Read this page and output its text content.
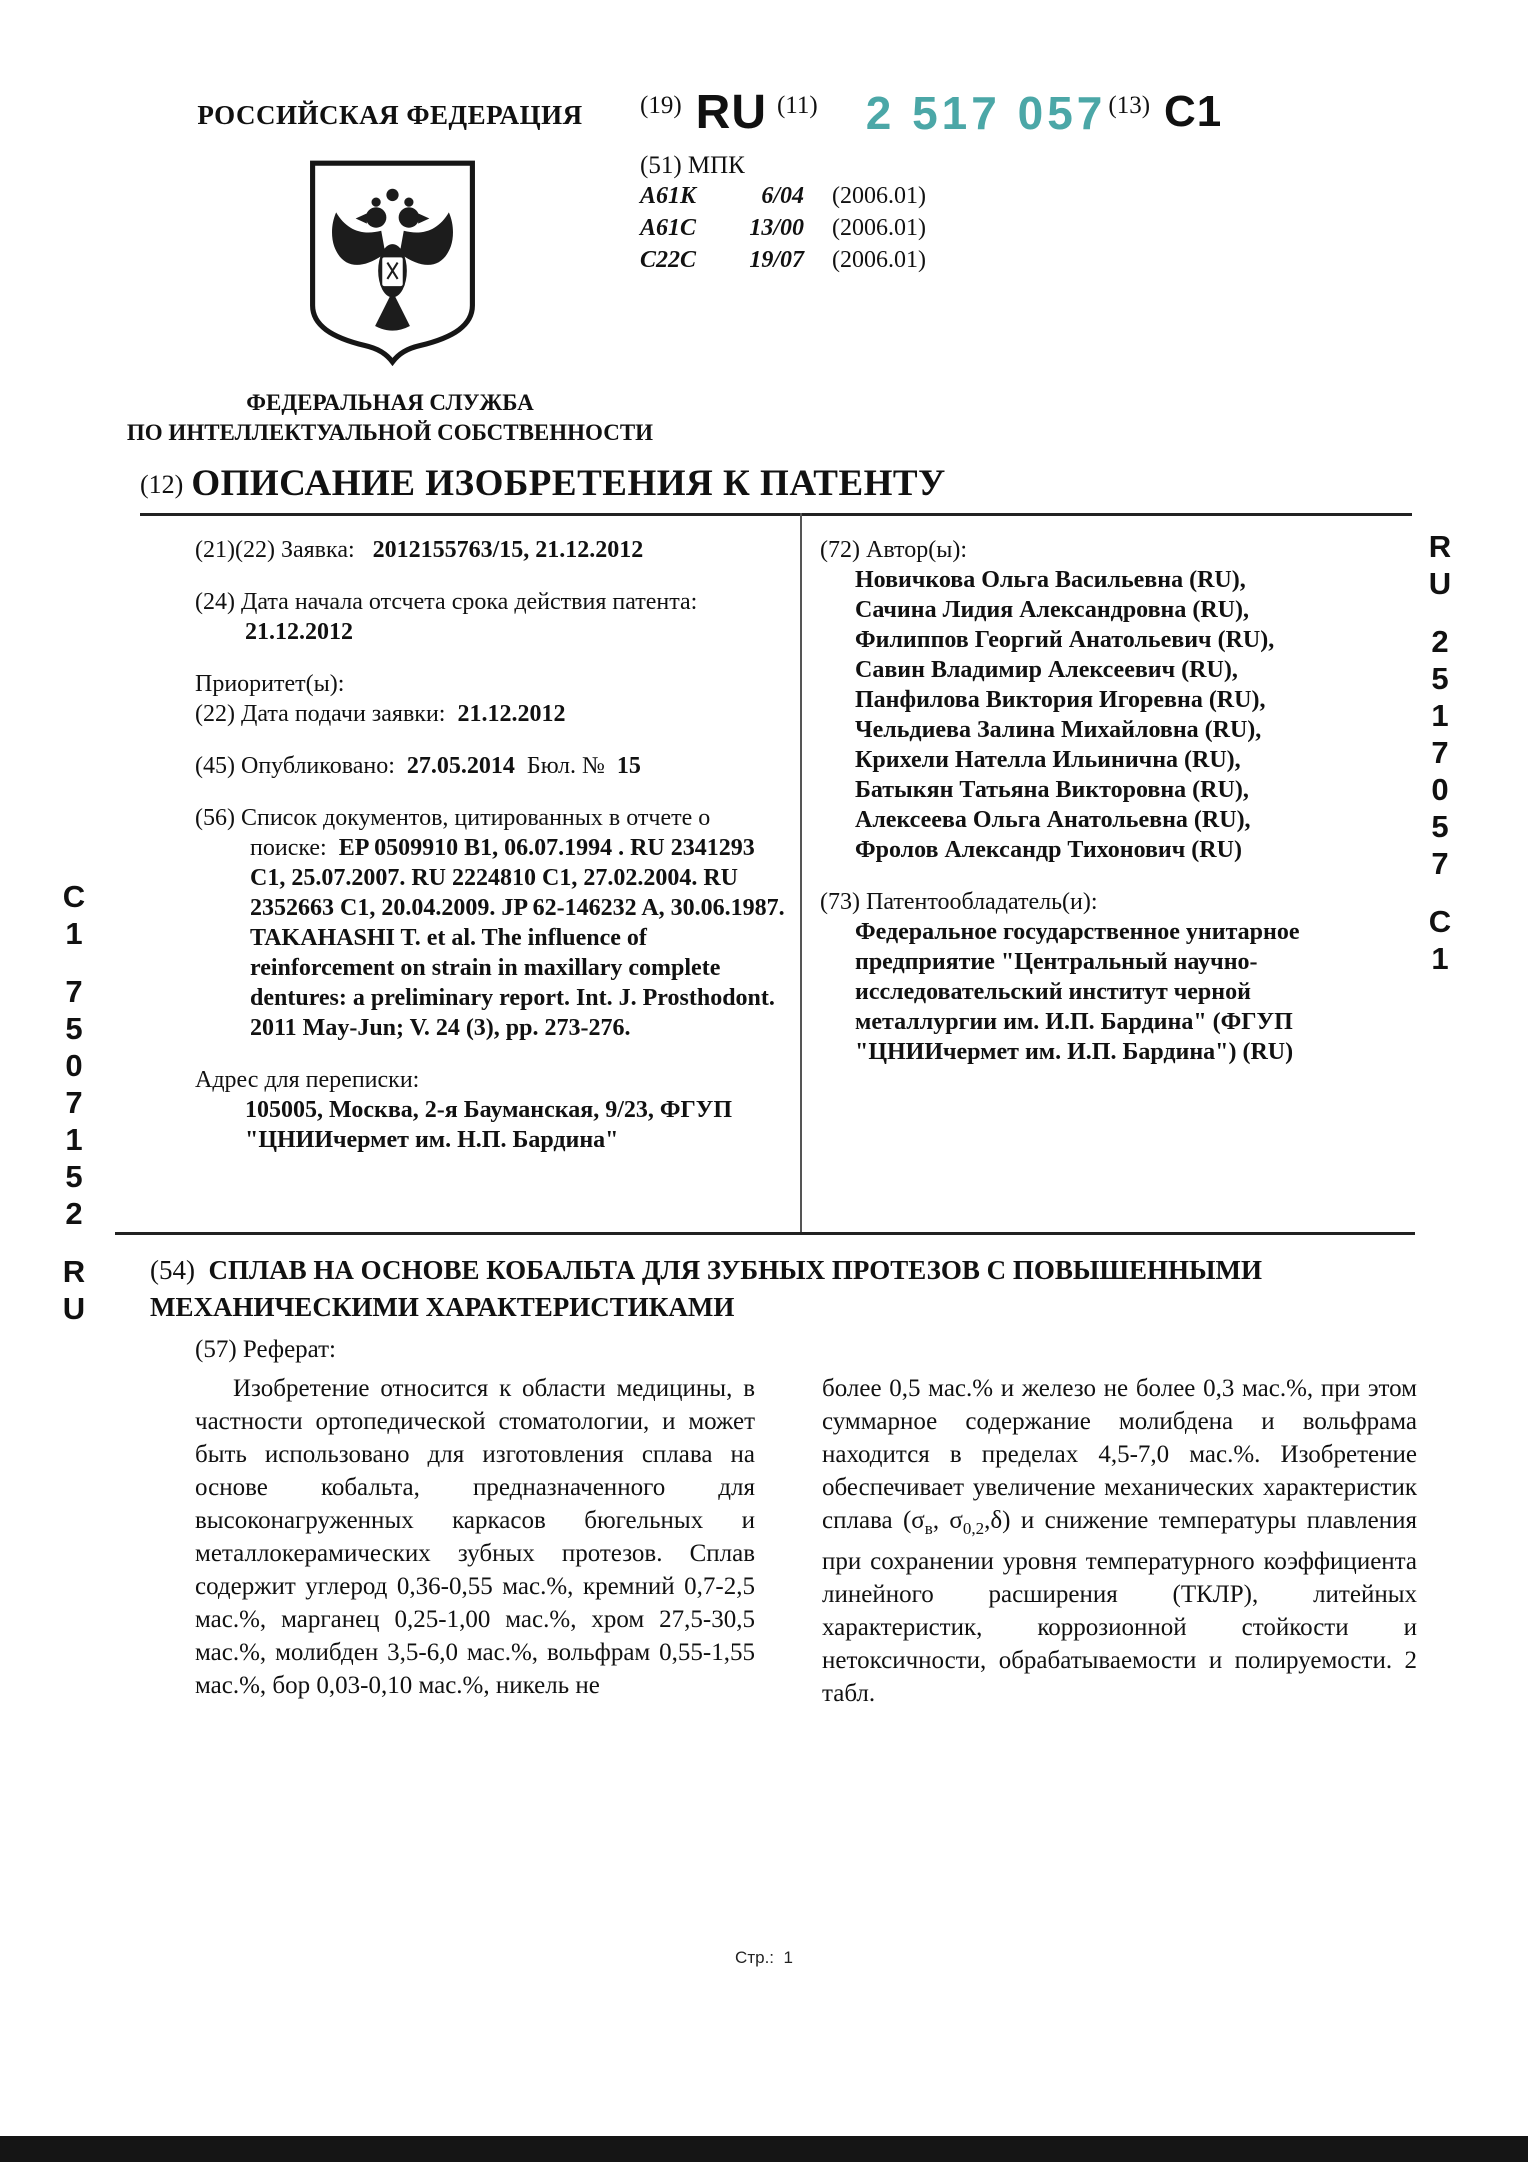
РОССИЙСКАЯ ФЕДЕРАЦИЯ
ФЕДЕРАЛЬНАЯ СЛУЖБА
ПО ИНТЕЛЛЕКТУАЛЬНОЙ СОБСТВЕННОСТИ
(19) RU (11) 2 517 057 (13) C1
(51) МПК
A61K	6/04 (2006.01)
A61C	13/00 (2006.01)
C22C	19/07 (2006.01)
(12) ОПИСАНИЕ ИЗОБРЕТЕНИЯ К ПАТЕНТУ
(21)(22) Заявка: 2012155763/15, 21.12.2012
(24) Дата начала отсчета срока действия патента:
21.12.2012
Приоритет(ы):
(22) Дата подачи заявки: 21.12.2012
(45) Опубликовано: 27.05.2014 Бюл. № 15
(56) Список документов, цитированных в отчете о поиске: EP 0509910 B1, 06.07.1994 . RU 2341293 C1, 25.07.2007. RU 2224810 C1, 27.02.2004. RU 2352663 C1, 20.04.2009. JP 62-146232 A, 30.06.1987. TAKAHASHI T. et al. The influence of reinforcement on strain in maxillary complete dentures: a preliminary report. Int. J. Prosthodont. 2011 May-Jun; V. 24 (3), pp. 273-276.
Адрес для переписки:
105005, Москва, 2-я Бауманская, 9/23, ФГУП "ЦНИИчермет им. Н.П. Бардина"
(72) Автор(ы):
Новичкова Ольга Васильевна (RU),
Сачина Лидия Александровна (RU),
Филиппов Георгий Анатольевич (RU),
Савин Владимир Алексеевич (RU),
Панфилова Виктория Игоревна (RU),
Чельдиева Залина Михайловна (RU),
Крихели Нателла Ильинична (RU),
Батыкян Татьяна Викторовна (RU),
Алексеева Ольга Анатольевна (RU),
Фролов Александр Тихонович (RU)
(73) Патентообладатель(и):
Федеральное государственное унитарное предприятие "Центральный научно-исследовательский институт черной металлургии им. И.П. Бардина" (ФГУП "ЦНИИчермет им. И.П. Бардина") (RU)
(54) СПЛАВ НА ОСНОВЕ КОБАЛЬТА ДЛЯ ЗУБНЫХ ПРОТЕЗОВ С ПОВЫШЕННЫМИ МЕХАНИЧЕСКИМИ ХАРАКТЕРИСТИКАМИ
(57) Реферат:
Изобретение относится к области медицины, в частности ортопедической стоматологии, и может быть использовано для изготовления сплава на основе кобальта, предназначенного для высоконагруженных каркасов бюгельных и металлокерамических зубных протезов. Сплав содержит углерод 0,36-0,55 мас.%, кремний 0,7-2,5 мас.%, марганец 0,25-1,00 мас.%, хром 27,5-30,5 мас.%, молибден 3,5-6,0 мас.%, вольфрам 0,55-1,55 мас.%, бор 0,03-0,10 мас.%, никель не
более 0,5 мас.% и железо не более 0,3 мас.%, при этом суммарное содержание молибдена и вольфрама находится в пределах 4,5-7,0 мас.%. Изобретение обеспечивает увеличение механических характеристик сплава ($\sigma_в$, $\sigma_{0,2},\delta$) и снижение температуры плавления при сохранении уровня температурного коэффициента линейного расширения (ТКЛР), литейных характеристик, коррозионной стойкости и нетоксичности, обрабатываемости и полируемости. 2 табл.
C
1
7
5
0
7
1
5
2
R
U
R
U
2
5
1
7
0
5
7
C
1
Стр.: 1
